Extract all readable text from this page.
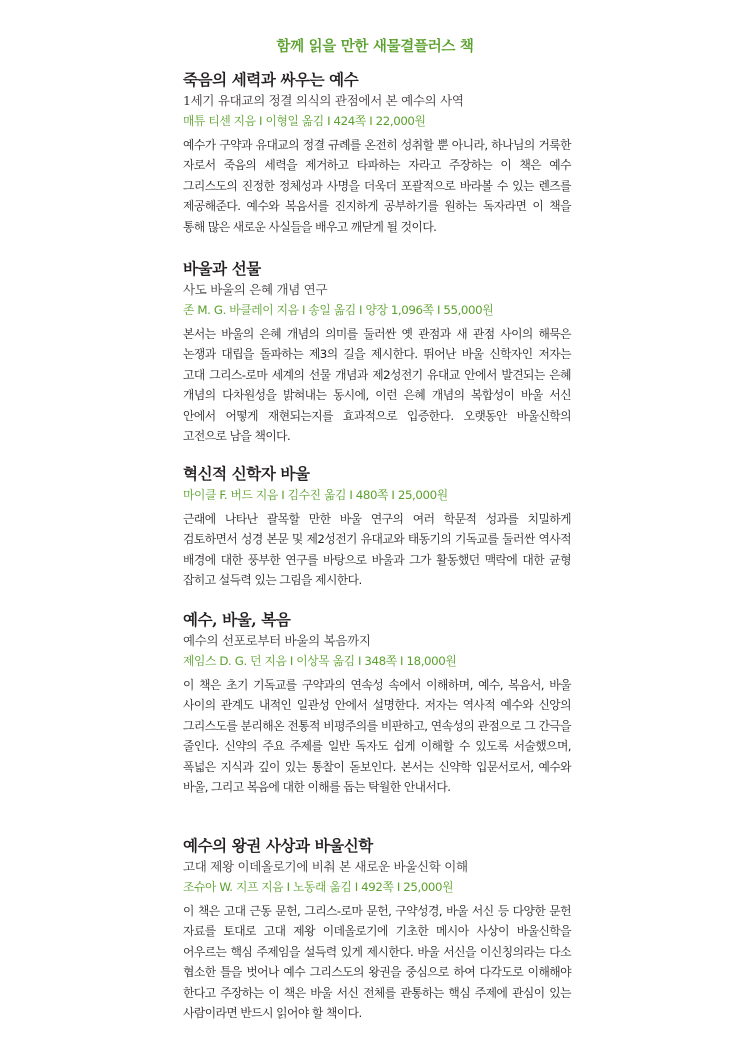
함께 읽을 만한 새물결플러스 책
죽음의 세력과 싸우는 예수
1세기 유대교의 정결 의식의 관점에서 본 예수의 사역
매튜 티센 지음 I 이형일 옮김 I 424쪽 I 22,000원

예수가 구약과 유대교의 정결 규례를 온전히 성취할 뿐 아니라, 하나님의 거룩한 자로서 죽음의 세력을 제거하고 타파하는 자라고 주장하는 이 책은 예수 그리스도의 진정한 정체성과 사명을 더욱더 포괄적으로 바라볼 수 있는 렌즈를 제공해준다. 예수와 복음서를 진지하게 공부하기를 원하는 독자라면 이 책을 통해 많은 새로운 사실들을 배우고 깨닫게 될 것이다.

바울과 선물
사도 바울의 은혜 개념 연구
존 M. G. 바클레이 지음 I 송일 옮김 I 양장 1,096쪽 I 55,000원

본서는 바울의 은혜 개념의 의미를 둘러싼 옛 관점과 새 관점 사이의 해묵은 논쟁과 대립을 돌파하는 제3의 길을 제시한다. 뛰어난 바울 신학자인 저자는 고대 그리스-로마 세계의 선물 개념과 제2성전기 유대교 안에서 발견되는 은혜 개념의 다차원성을 밝혀내는 동시에, 이런 은혜 개념의 복합성이 바울 서신 안에서 어떻게 재현되는지를 효과적으로 입증한다. 오랫동안 바울신학의 고전으로 남을 책이다.

혁신적 신학자 바울
마이클 F. 버드 지음 I 김수진 옮김 I 480쪽 I 25,000원

근래에 나타난 괄목할 만한 바울 연구의 여러 학문적 성과를 치밀하게 검토하면서 성경 본문 및 제2성전기 유대교와 태동기의 기독교를 둘러싼 역사적 배경에 대한 풍부한 연구를 바탕으로 바울과 그가 활동했던 맥락에 대한 균형 잡히고 설득력 있는 그림을 제시한다.

예수, 바울, 복음
예수의 선포로부터 바울의 복음까지
제임스 D. G. 던 지음 I 이상목 옮김 I 348쪽 I 18,000원

이 책은 초기 기독교를 구약과의 연속성 속에서 이해하며, 예수, 복음서, 바울 사이의 관계도 내적인 일관성 안에서 설명한다. 저자는 역사적 예수와 신앙의 그리스도를 분리해온 전통적 비평주의를 비판하고, 연속성의 관점으로 그 간극을 줄인다. 신약의 주요 주제를 일반 독자도 쉽게 이해할 수 있도록 서술했으며, 폭넓은 지식과 깊이 있는 통찰이 돋보인다. 본서는 신약학 입문서로서, 예수와 바울, 그리고 복음에 대한 이해를 돕는 탁월한 안내서다.

예수의 왕권 사상과 바울신학
고대 제왕 이데올로기에 비춰 본 새로운 바울신학 이해
조슈아 W. 지프 지음 I 노동래 옮김 I 492쪽 I 25,000원

이 책은 고대 근동 문헌, 그리스-로마 문헌, 구약성경, 바울 서신 등 다양한 문헌 자료를 토대로 고대 제왕 이데올로기에 기초한 메시아 사상이 바울신학을 어우르는 핵심 주제임을 설득력 있게 제시한다. 바울 서신을 이신칭의라는 다소 협소한 틀을 벗어나 예수 그리스도의 왕권을 중심으로 하여 다각도로 이해해야 한다고 주장하는 이 책은 바울 서신 전체를 관통하는 핵심 주제에 관심이 있는 사람이라면 반드시 읽어야 할 책이다.
